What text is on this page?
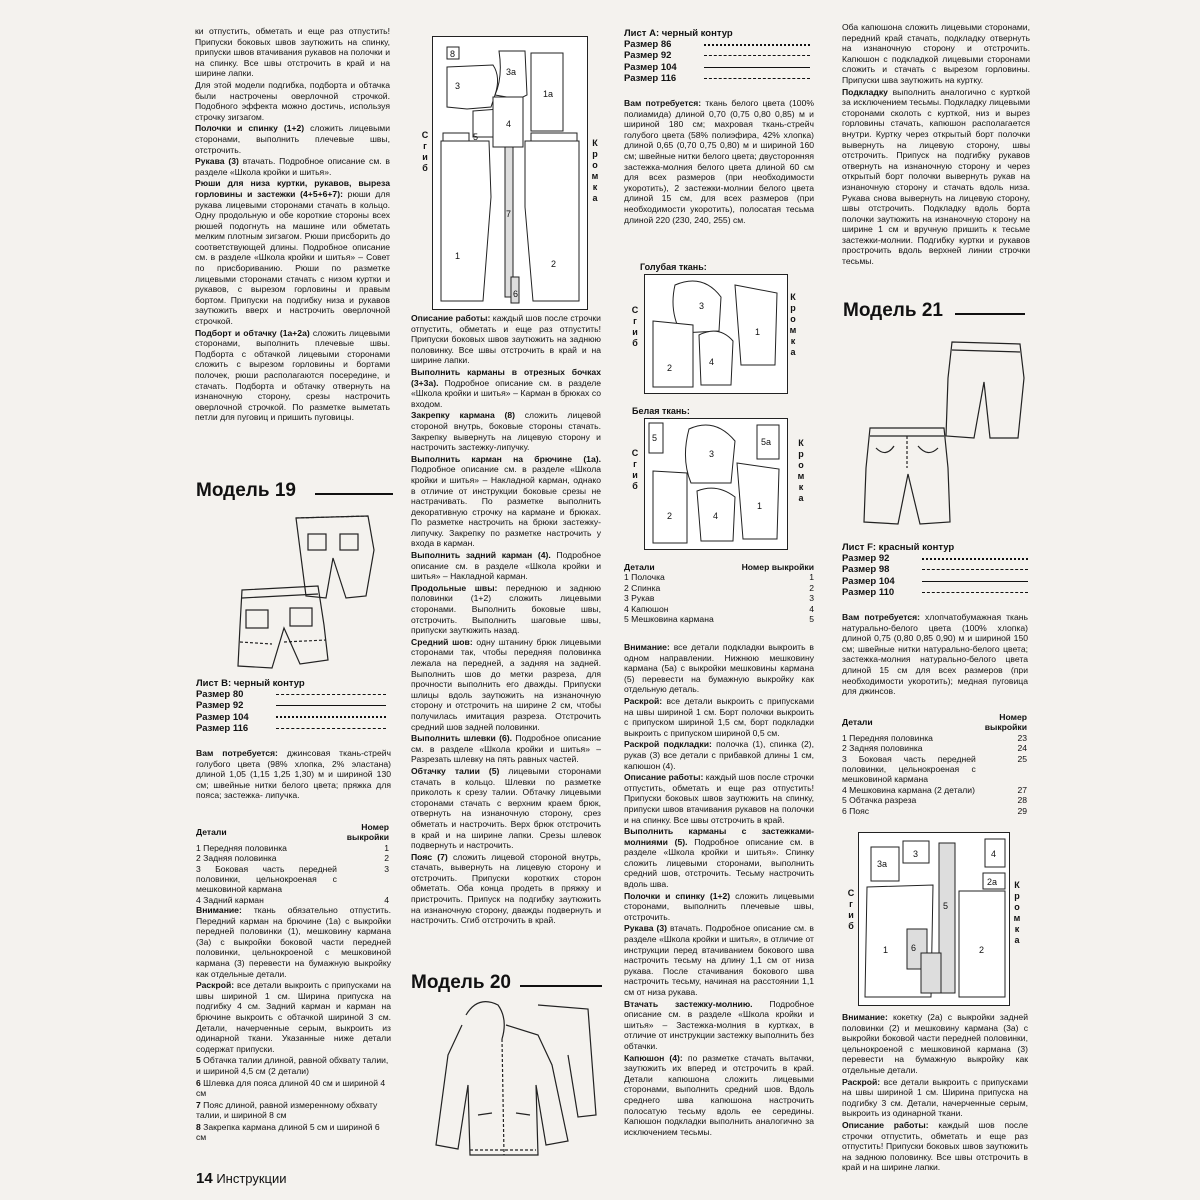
ки отпустить, обметать и еще раз отпустить! Припуски боковых швов заутюжить на спинку, припуски швов втачивания рукавов на полочки и на спинку. Все швы отстрочить в край и на ширине лапки.

Для этой модели подгибка, подборта и обтачка были настрочены оверлочной строчкой. Подобного эффекта можно достичь, используя строчку зигзагом.

Полочки и спинку (1+2) сложить лицевыми сторонами, выполнить плечевые швы, отстрочить.

Рукава (3) втачать. Подробное описание см. в разделе «Школа кройки и шитья».

Рюши для низа куртки, рукавов, выреза горловины и застежки (4+5+6+7): рюши для рукава лицевыми сторонами стачать в кольцо. Одну продольную и обе короткие стороны всех рюшей подогнуть на машине или обметать мелким плотным зигзагом. Рюши присборить до соответствующей длины. Подробное описание см. в разделе «Школа кройки и шитья» – Совет по присбориванию. Рюши по разметке лицевыми сторонами стачать с низом куртки и рукавов, с вырезом горловины и правым бортом. Припуски на подгибку низа и рукавов заутюжить вверх и настрочить оверлочной строчкой.

Подборт и обтачку (1а+2а) сложить лицевыми сторонами, выполнить плечевые швы. Подборта с обтачкой лицевыми сторонами сложить с вырезом горловины и бортами полочек, рюши располагаются посередине, и стачать. Подборта и обтачку отвернуть на изнаночную сторону, срезы настрочить оверлочной строчкой. По разметке выметать петли для пуговиц и пришить пуговицы.

Модель 19
Лист В: черный контур
Размер 80
Размер 92
Размер 104
Размер 116

Вам потребуется: джинсовая ткань-стрейч голубого цвета (98% хлопка, 2% эластана) длиной 1,05 (1,15 1,25 1,30) м и шириной 130 см; швейные нитки белого цвета; пряжка для пояса; застежка- липучка.

Детали	Номер выкройки
1 Передняя половинка	1
2 Задняя половинка	2
3 Боковая часть передней половинки, цельнокроеная с мешковиной кармана	3
4 Задний карман	4

Внимание: ткань обязательно отпустить. Передний карман на брючине (1а) с выкройки передней половинки (1), мешковину кармана (3а) с выкройки боковой части передней половинки, цельнокроеной с мешковиной кармана (3) перевести на бумажную выкройку как отдельные детали.

Раскрой: все детали выкроить с припусками на швы шириной 1 см. Ширина припуска на подгибку 4 см. Задний карман и карман на брючине выкроить с обтачкой шириной 3 см. Детали, начерченные серым, выкроить из одинарной ткани. Указанные ниже детали содержат припуски.

5 Обтачка талии длиной, равной обхвату талии, и шириной 4,5 см (2 детали)

6 Шлевка для пояса длиной 40 см и шириной 4 см

7 Пояс длиной, равной измеренному обхвату талии, и шириной 8 см

8 Закрепка кармана длиной 5 см и шириной 6 см

14 Инструкции
8
3а
1а
3
4
5
7
1
2
6
С
г
и
б
К
р
о
м
к
а

Описание работы: каждый шов после строчки отпустить, обметать и еще раз отпустить! Припуски боковых швов заутюжить на заднюю половинку. Все швы отстрочить в край и на ширине лапки.

Выполнить карманы в отрезных бочках (3+3а). Подробное описание см. в разделе «Школа кройки и шитья» – Карман в брюках со входом.

Закрепку кармана (8) сложить лицевой стороной внутрь, боковые стороны стачать. Закрепку вывернуть на лицевую сторону и настрочить застежку-липучку.

Выполнить карман на брючине (1а). Подробное описание см. в разделе «Школа кройки и шитья» – Накладной карман, однако в отличие от инструкции боковые срезы не настрачивать. По разметке выполнить декоративную строчку на кармане и брюках. По разметке настрочить на брюки застежку-липучку. Закрепку по разметке настрочить у входа в карман.

Выполнить задний карман (4). Подробное описание см. в разделе «Школа кройки и шитья» – Накладной карман.

Продольные швы: переднюю и заднюю половинки (1+2) сложить лицевыми сторонами. Выполнить боковые швы, отстрочить. Выполнить шаговые швы, припуски заутюжить назад.

Средний шов: одну штанину брюк лицевыми сторонами так, чтобы передняя половинка лежала на передней, а задняя на задней. Выполнить шов до метки разреза, для прочности выполнить его дважды. Припуски шлицы вдоль заутюжить на изнаночную сторону и отстрочить на ширине 2 см, чтобы получилась имитация разреза. Отстрочить средний шов задней половинки.

Выполнить шлевки (6). Подробное описание см. в разделе «Школа кройки и шитья» – Разрезать шлевку на пять равных частей.

Обтачку талии (5) лицевыми сторонами стачать в кольцо. Шлевки по разметке приколоть к срезу талии. Обтачку лицевыми сторонами стачать с верхним краем брюк, отвернуть на изнаночную сторону, срез обметать и настрочить. Верх брюк отстрочить в край и на ширине лапки. Срезы шлевок подвернуть и настрочить.

Пояс (7) сложить лицевой стороной внутрь, стачать, вывернуть на лицевую сторону и отстрочить. Припуски коротких сторон обметать. Оба конца продеть в пряжку и пристрочить. Припуск на подгибку заутюжить на изнаночную сторону, дважды подвернуть и настрочить. Сгиб отстрочить в край.

Модель 20
Лист А: черный контур
Размер 86
Размер 92
Размер 104
Размер 116

Вам потребуется: ткань белого цвета (100% полиамида) длиной 0,70 (0,75 0,80 0,85) м и шириной 180 см; махровая ткань-стрейч голубого цвета (58% полиэфира, 42% хлопка) длиной 0,65 (0,70 0,75 0,80) м и шириной 160 см; швейные нитки белого цвета; двусторонняя застежка-молния белого цвета длиной 60 см для всех размеров (при необходимости укоротить), 2 застежки-молнии белого цвета длиной 15 см, для всех размеров (при необходимости укоротить), полосатая тесьма длиной 220 (230, 240, 255) см.

Голубая ткань:
3
1
2
4
С
г
и
б
К
р
о
м
к
а
Белая ткань:
5
3
5а
1
2	4
С
г
и
б
К
р
о
м
к
а
Детали	Номер выкройки
1 Полочка	1
2 Спинка	2
3 Рукав	3
4 Капюшон	4
5 Мешковина кармана	5

Внимание: все детали подкладки выкроить в одном направлении. Нижнюю мешковину кармана (5а) с выкройки мешковины кармана (5) перевести на бумажную выкройку как отдельную деталь.

Раскрой: все детали выкроить с припусками на швы шириной 1 см. Борт полочки выкроить с припуском шириной 1,5 см, борт подкладки выкроить с припуском шириной 0,5 см.

Раскрой подкладки: полочка (1), спинка (2), рукав (3) все детали с прибавкой длины 1 см, капюшон (4).

Описание работы: каждый шов после строчки отпустить, обметать и еще раз отпустить! Припуски боковых швов заутюжить на спинку, припуски швов втачивания рукавов на полочки и на спинку. Все швы отстрочить в край.

Выполнить карманы с застежками-молниями (5). Подробное описание см. в разделе «Школа кройки и шитья». Спинку сложить лицевыми сторонами, выполнить средний шов, отстрочить. Тесьму настрочить вдоль шва.

Полочки и спинку (1+2) сложить лицевыми сторонами, выполнить плечевые швы, отстрочить.

Рукава (3) втачать. Подробное описание см. в разделе «Школа кройки и шитья», в отличие от инструкции перед втачиванием бокового шва настрочить тесьму на длину 1,1 см от низа рукава. После стачивания бокового шва настрочить тесьму, начиная на расстоянии 1,1 см от низа рукава.

Втачать застежку-молнию. Подробное описание см. в разделе «Школа кройки и шитья» – Застежка-молния в куртках, в отличие от инструкции застежку выполнить без обтачки.

Капюшон (4): по разметке стачать вытачки, заутюжить их вперед и отстрочить в край. Детали капюшона сложить лицевыми сторонами, выполнить средний шов. Вдоль среднего шва капюшона настрочить полосатую тесьму вдоль ее середины. Капюшон подкладки выполнить аналогично за исключением тесьмы.

Оба капюшона сложить лицевыми сторонами, передний край стачать, подкладку отвернуть на изнаночную сторону и отстрочить. Капюшон с подкладкой лицевыми сторонами сложить и стачать с вырезом горловины. Припуски шва заутюжить на куртку.

Подкладку выполнить аналогично с курткой за исключением тесьмы. Подкладку лицевыми сторонами сколоть с курткой, низ и вырез горловины стачать, капюшон располагается внутри. Куртку через открытый борт полочки вывернуть на лицевую сторону, швы отстрочить. Припуск на подгибку рукавов отвернуть на изнаночную сторону и через открытый борт полочки вывернуть рукав на изнаночную сторону и стачать вдоль низа. Рукава снова вывернуть на лицевую сторону, швы отстрочить. Подкладку вдоль борта полочки заутюжить на изнаночную сторону на ширине 1 см и вручную пришить к тесьме застежки-молнии. Подгибку куртки и рукавов прострочить вдоль верхней линии строчки тесьмы.

Модель 21
Лист F: красный контур
Размер 92
Размер 98
Размер 104
Размер 110

Вам потребуется: хлопчатобумажная ткань натурально-белого цвета (100% хлопка) длиной 0,75 (0,80 0,85 0,90) м и шириной 150 см; швейные нитки натурально-белого цвета; застежка-молния натурально-белого цвета длиной 15 см для всех размеров (при необходимости укоротить); медная пуговица для джинсов.

Детали	Номер выкройки
1 Передняя половинка	23
2 Задняя половинка	24
3 Боковая часть передней половинки, цельнокроеная с мешковиной кармана	25
4 Мешковина кармана (2 детали)	27
5 Обтачка разреза	28
6 Пояс	29
3а
4
3
2а
5
1	6	2
С
г
и
б
К
р
о
м
к
а

Внимание: кокетку (2а) с выкройки задней половинки (2) и мешковину кармана (3а) с выкройки боковой части передней половинки, цельнокроеной с мешковиной кармана (3) перевести на бумажную выкройку как отдельные детали.

Раскрой: все детали выкроить с припусками на швы шириной 1 см. Ширина припуска на подгибку 3 см. Детали, начерченные серым, выкроить из одинарной ткани.

Описание работы: каждый шов после строчки отпустить, обметать и еще раз отпустить! Припуски боковых швов заутюжить на заднюю половинку. Все швы отстрочить в край и на ширине лапки.
